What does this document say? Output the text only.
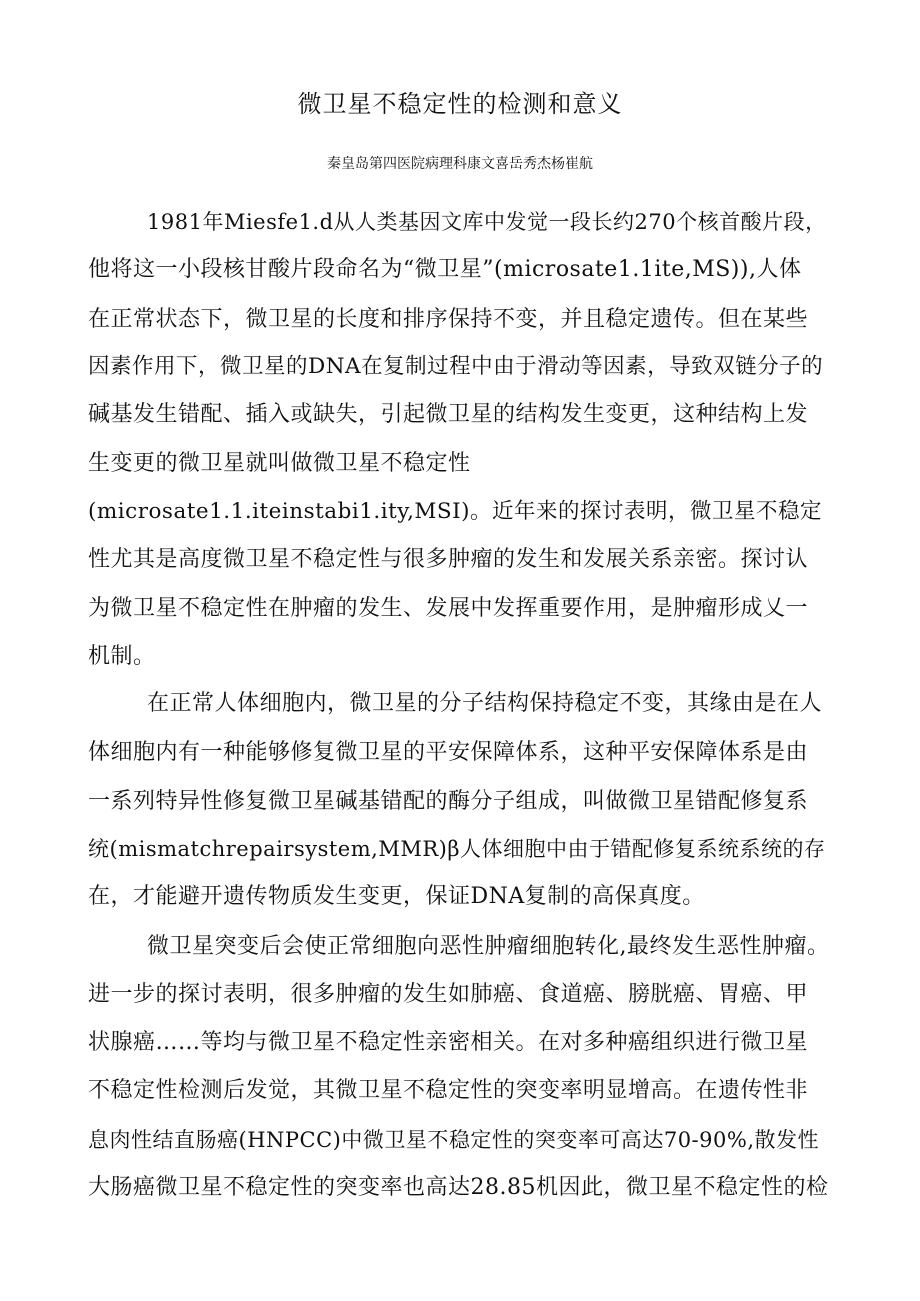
微卫星不稳定性的检测和意义
秦皇岛第四医院病理科康文喜岳秀杰杨崔航
1981年Miesfe1.d从人类基因文库中发觉一段长约270个核首酸片段，
他将这一小段核甘酸片段命名为“微卫星”(microsate1.1ite,MS)),人体
在正常状态下，微卫星的长度和排序保持不变，并且稳定遗传。但在某些
因素作用下，微卫星的DNA在复制过程中由于滑动等因素，导致双链分子的
碱基发生错配、插入或缺失，引起微卫星的结构发生变更，这种结构上发
生变更的微卫星就叫做微卫星不稳定性
(microsate1.1.iteinstabi1.ity,MSI)。近年来的探讨表明，微卫星不稳定
性尤其是高度微卫星不稳定性与很多肿瘤的发生和发展关系亲密。探讨认
为微卫星不稳定性在肿瘤的发生、发展中发挥重要作用，是肿瘤形成乂一
机制。
在正常人体细胞内，微卫星的分子结构保持稳定不变，其缘由是在人
体细胞内有一种能够修复微卫星的平安保障体系，这种平安保障体系是由
一系列特异性修复微卫星碱基错配的酶分子组成，叫做微卫星错配修复系
统(mismatchrepairsystem,MMR)β人体细胞中由于错配修复系统系统的存
在，才能避开遗传物质发生变更，保证DNA复制的高保真度。
微卫星突变后会使正常细胞向恶性肿瘤细胞转化,最终发生恶性肿瘤。
进一步的探讨表明，很多肿瘤的发生如肺癌、食道癌、膀胱癌、胃癌、甲
状腺癌……等均与微卫星不稳定性亲密相关。在对多种癌组织进行微卫星
不稳定性检测后发觉，其微卫星不稳定性的突变率明显增高。在遗传性非
息肉性结直肠癌(HNPCC)中微卫星不稳定性的突变率可高达70-90%,散发性
大肠癌微卫星不稳定性的突变率也高达28.85机因此，微卫星不稳定性的检
